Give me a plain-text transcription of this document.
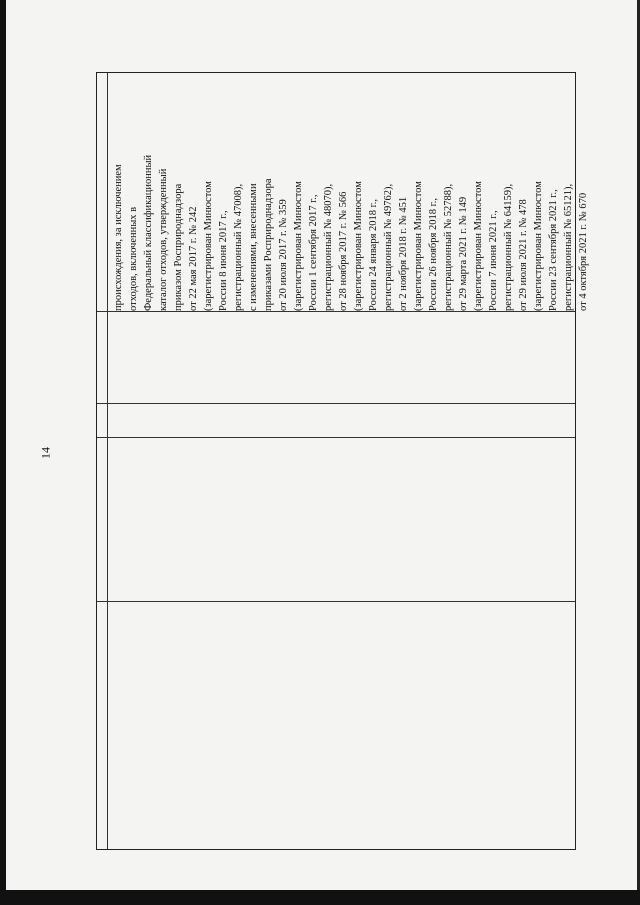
14
происхождения, за исключением отходов, включенных в Федеральный классификационный каталог отходов, утвержденный приказом Росприроднадзора от 22 мая 2017 г. № 242 (зарегистрирован Минюстом России 8 июня 2017 г., регистрационный № 47008), с изменениями, внесенными приказами Росприроднадзора от 20 июля 2017 г. № 359 (зарегистрирован Минюстом России 1 сентября 2017 г., регистрационный № 48070), от 28 ноября 2017 г. № 566 (зарегистрирован Минюстом России 24 января 2018 г., регистрационный № 49762), от 2 ноября 2018 г. № 451 (зарегистрирован Минюстом России 26 ноября 2018 г., регистрационный № 52788), от 29 марта 2021 г. № 149 (зарегистрирован Минюстом России 7 июня 2021 г., регистрационный № 64159), от 29 июля 2021 г. № 478 (зарегистрирован Минюстом России 23 сентября 2021 г., регистрационный № 65121), от 4 октября 2021 г. № 670
